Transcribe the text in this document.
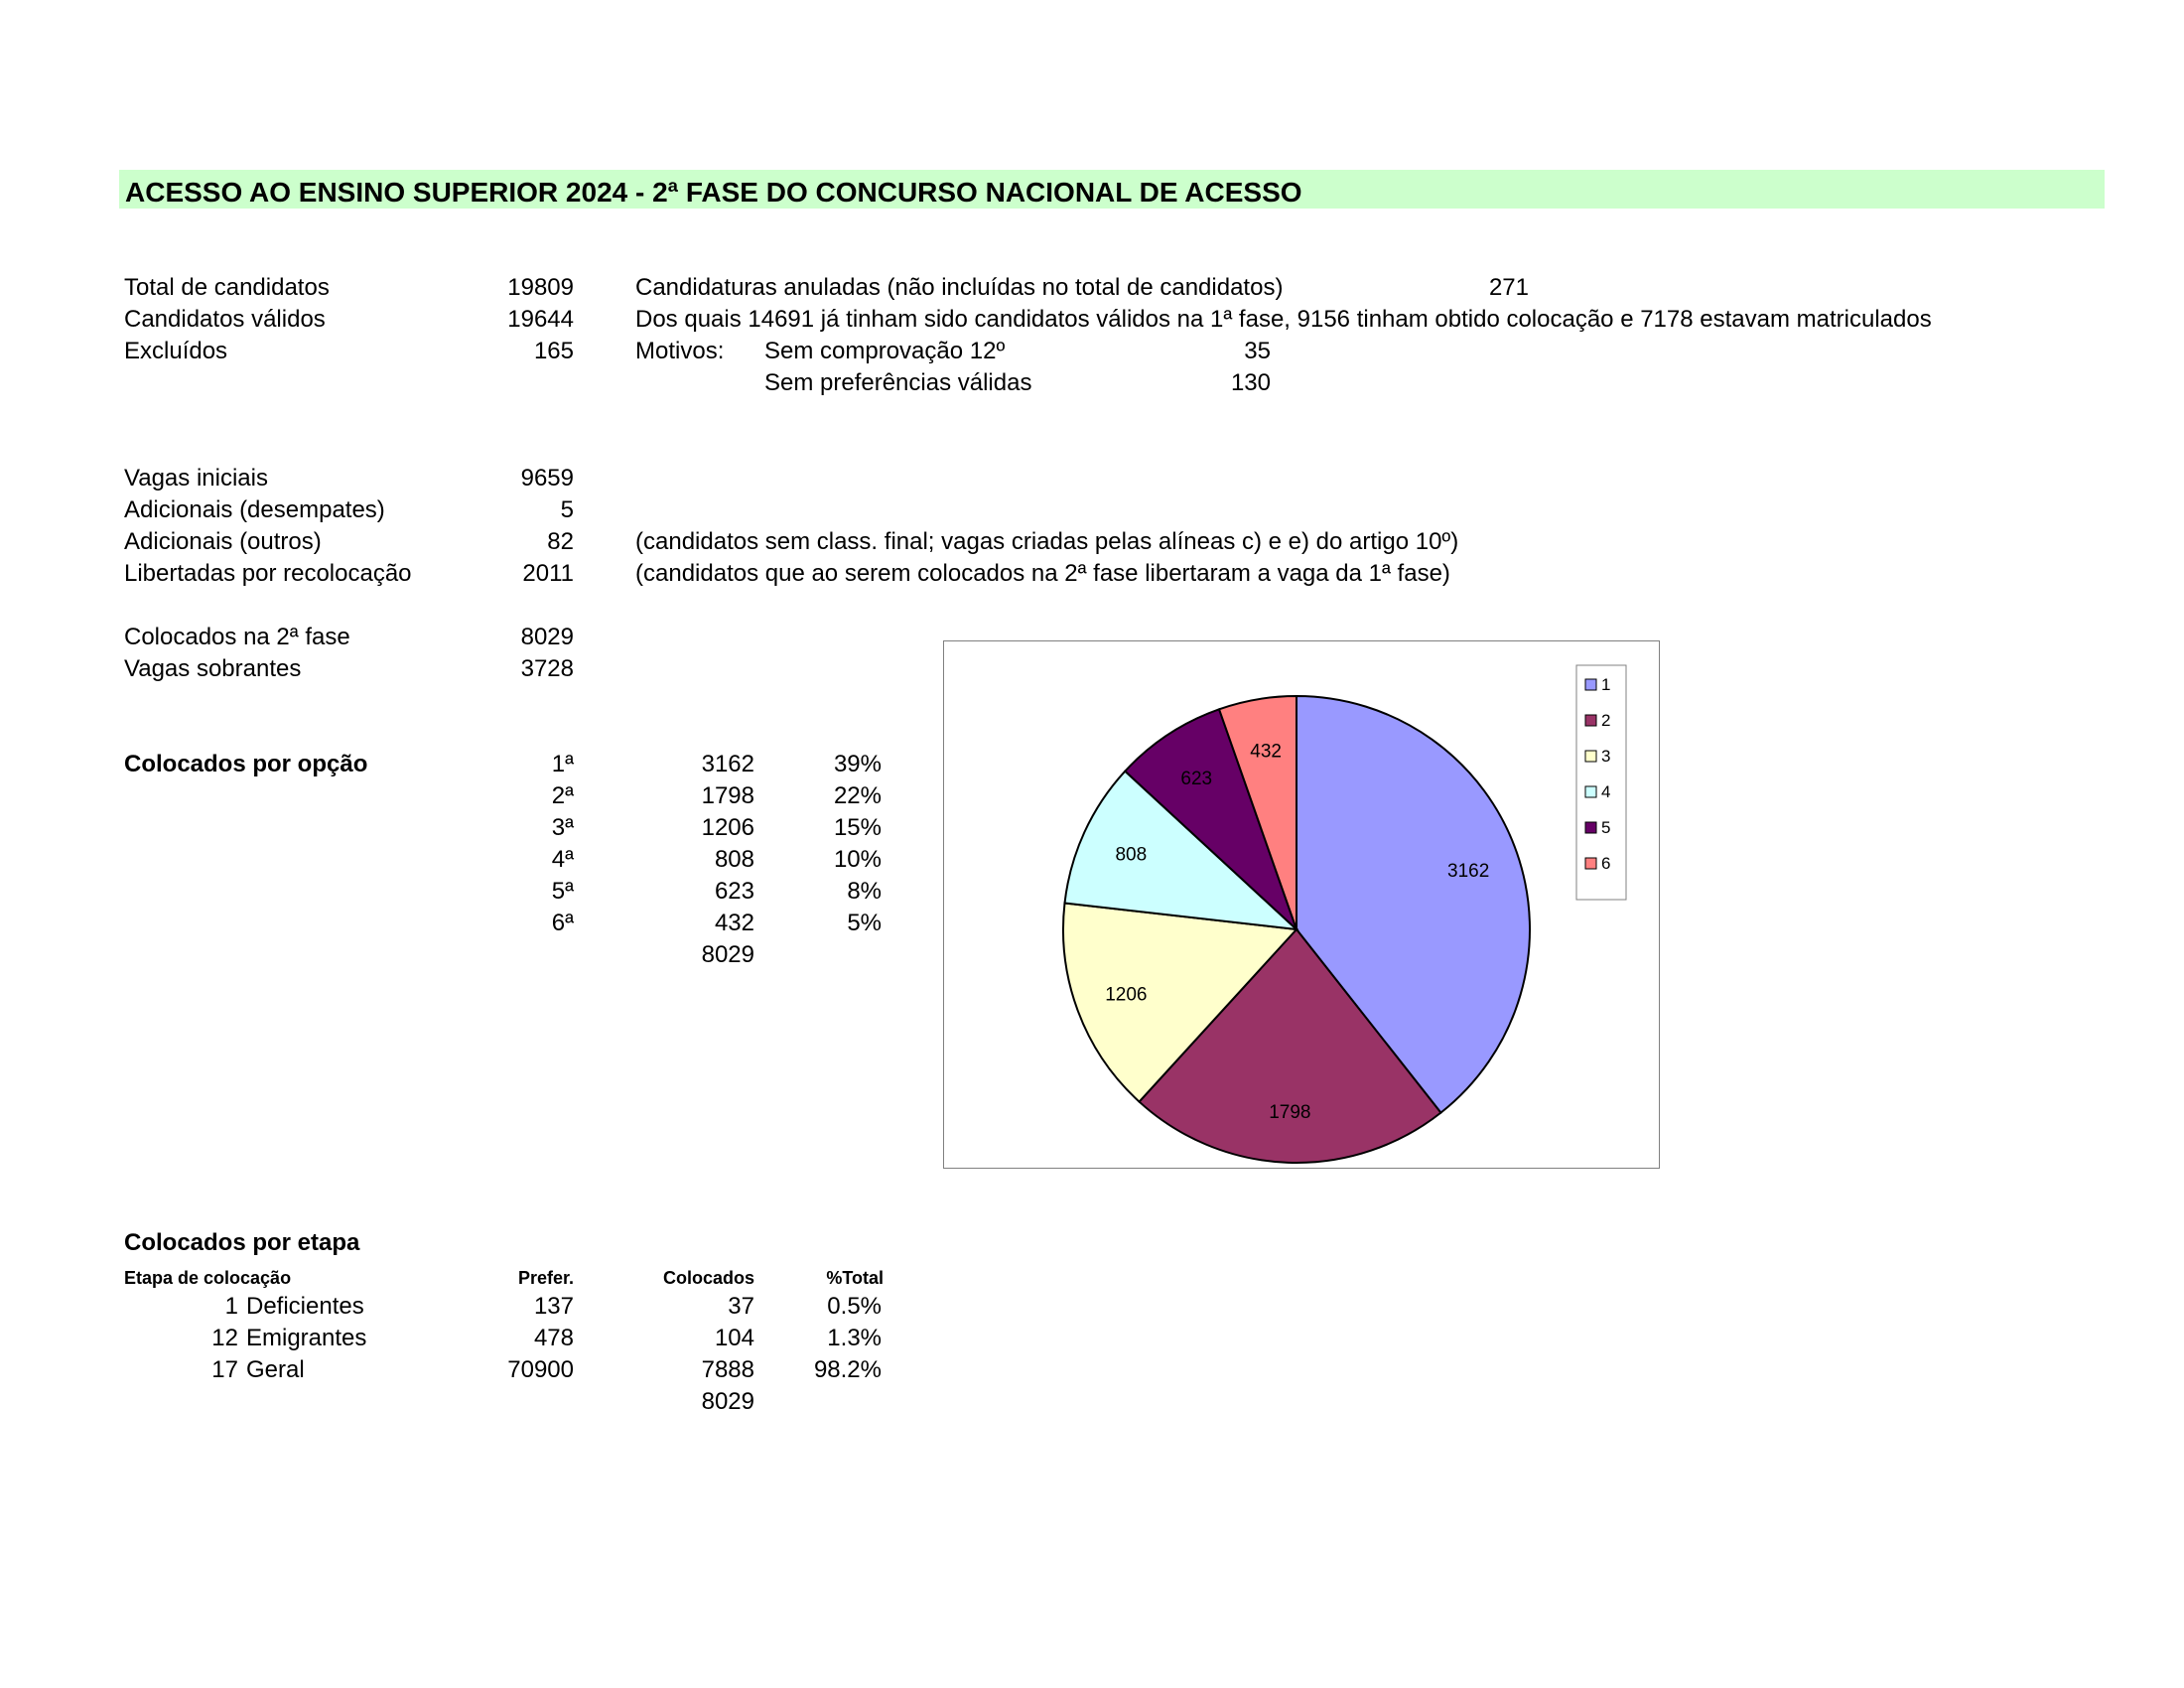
ACESSO AO ENSINO SUPERIOR 2024 - 2ª FASE DO CONCURSO NACIONAL DE ACESSO
Total de candidatos	19809
Candidatos válidos	19644
Excluídos	165
Candidaturas anuladas (não incluídas no total de candidatos)	271
Dos quais 14691 já tinham sido candidatos válidos na 1ª fase, 9156 tinham obtido colocação e 7178 estavam matriculados
Motivos: Sem comprovação 12º	35
Sem preferências válidas	130
Vagas iniciais	9659
Adicionais (desempates)	5
Adicionais (outros)	82	(candidatos sem class. final; vagas criadas pelas alíneas c) e e) do artigo 10º)
Libertadas por recolocação	2011	(candidatos que ao serem colocados na 2ª fase libertaram a vaga da 1ª fase)
Colocados na 2ª fase	8029
Vagas sobrantes	3728
Colocados por opção	1ª	3162	39%
2ª	1798	22%
3ª	1206	15%
4ª	808	10%
5ª	623	8%
6ª	432	5%
8029
3162
1798
1206
808
623
432
1
2
3
4
5
6
Colocados por etapa
Etapa de colocação	Prefer.	Colocados	%Total
1 Deficientes	137	37	0.5%
12 Emigrantes	478	104	1.3%
17 Geral	70900	7888	98.2%
8029
